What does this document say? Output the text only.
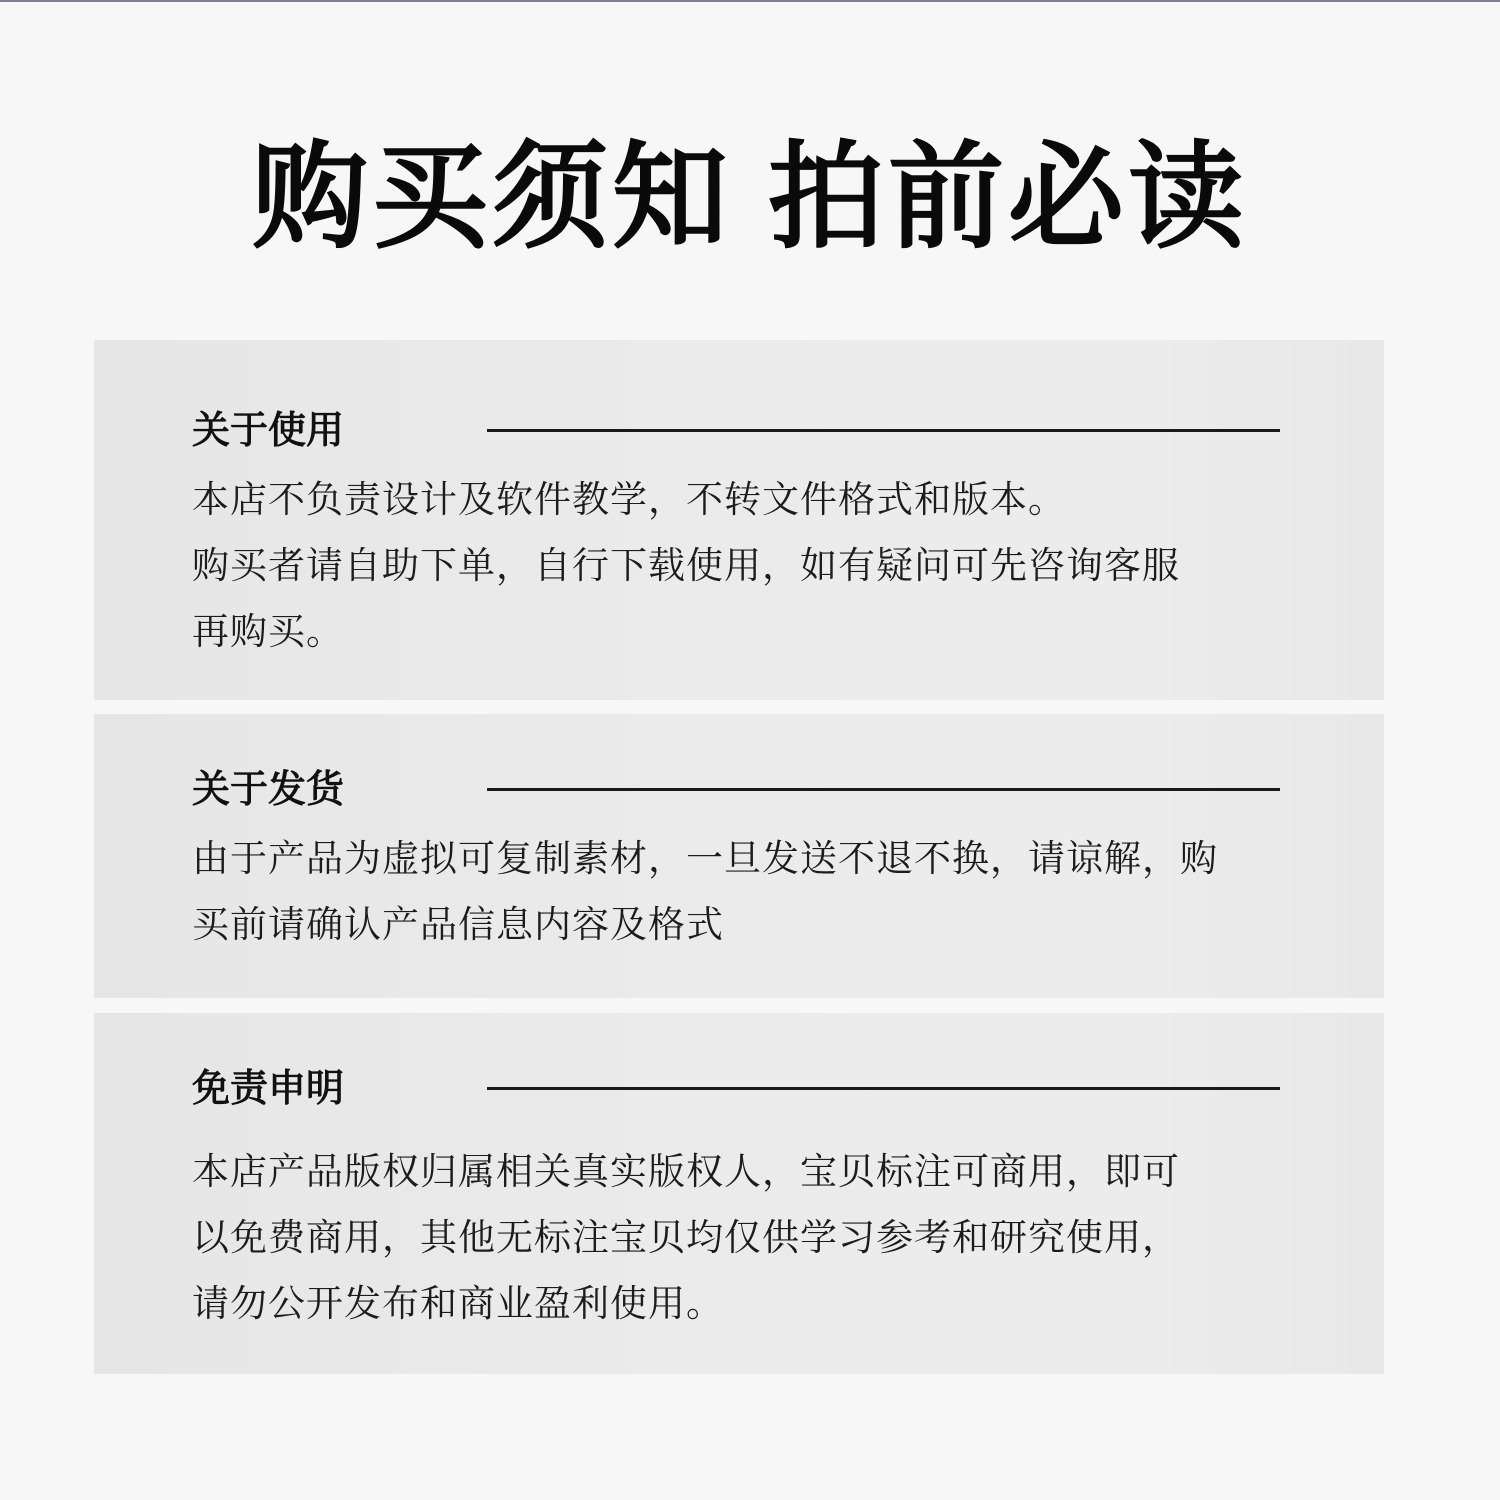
购买须知 拍前必读
关于使用
本店不负责设计及软件教学，不转文件格式和版本。
购买者请自助下单，自行下载使用，如有疑问可先咨询客服
再购买。
关于发货
由于产品为虚拟可复制素材，一旦发送不退不换，请谅解，购
买前请确认产品信息内容及格式
免责申明
本店产品版权归属相关真实版权人，宝贝标注可商用，即可
以免费商用，其他无标注宝贝均仅供学习参考和研究使用，
请勿公开发布和商业盈利使用。
